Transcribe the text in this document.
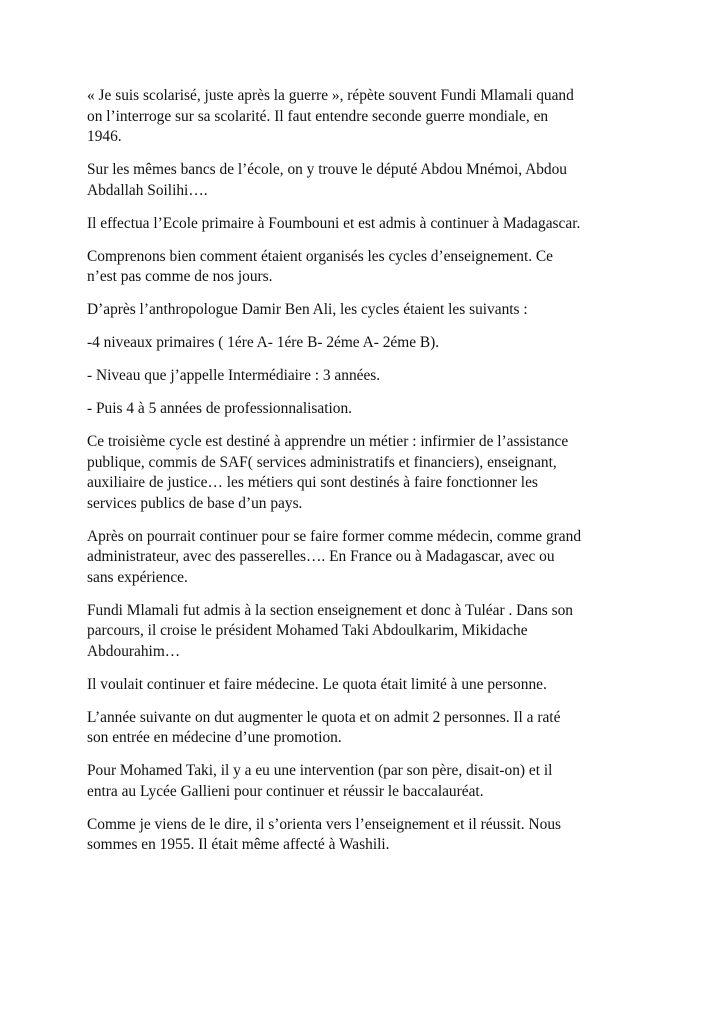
« Je suis scolarisé, juste après la guerre », répète souvent Fundi Mlamali quand
on l’interroge sur sa scolarité. Il faut entendre seconde guerre mondiale, en
1946.

Sur les mêmes bancs de l’école, on y trouve le député Abdou Mnémoi, Abdou
Abdallah Soilihi….

Il effectua l’Ecole primaire à Foumbouni et est admis à continuer à Madagascar.

Comprenons bien comment étaient organisés les cycles d’enseignement. Ce
n’est pas comme de nos jours.

D’après l’anthropologue Damir Ben Ali, les cycles étaient les suivants :

-4 niveaux primaires ( 1ére A- 1ére B- 2éme A- 2éme B).

- Niveau que j’appelle Intermédiaire : 3 années.

- Puis 4 à 5 années de professionnalisation.

Ce troisième cycle est destiné à apprendre un métier : infirmier de l’assistance
publique, commis de SAF( services administratifs et financiers), enseignant,
auxiliaire de justice… les métiers qui sont destinés à faire fonctionner les
services publics de base d’un pays.

Après on pourrait continuer pour se faire former comme médecin, comme grand
administrateur, avec des passerelles…. En France ou à Madagascar, avec ou
sans expérience.

Fundi Mlamali fut admis à la section enseignement et donc à Tuléar . Dans son
parcours, il croise le président Mohamed Taki Abdoulkarim, Mikidache
Abdourahim…

Il voulait continuer et faire médecine. Le quota était limité à une personne.

L’année suivante on dut augmenter le quota et on admit 2 personnes. Il a raté
son entrée en médecine d’une promotion.

Pour Mohamed Taki, il y a eu une intervention (par son père, disait-on) et il
entra au Lycée Gallieni pour continuer et réussir le baccalauréat.

Comme je viens de le dire, il s’orienta vers l’enseignement et il réussit. Nous
sommes en 1955. Il était même affecté à Washili.
